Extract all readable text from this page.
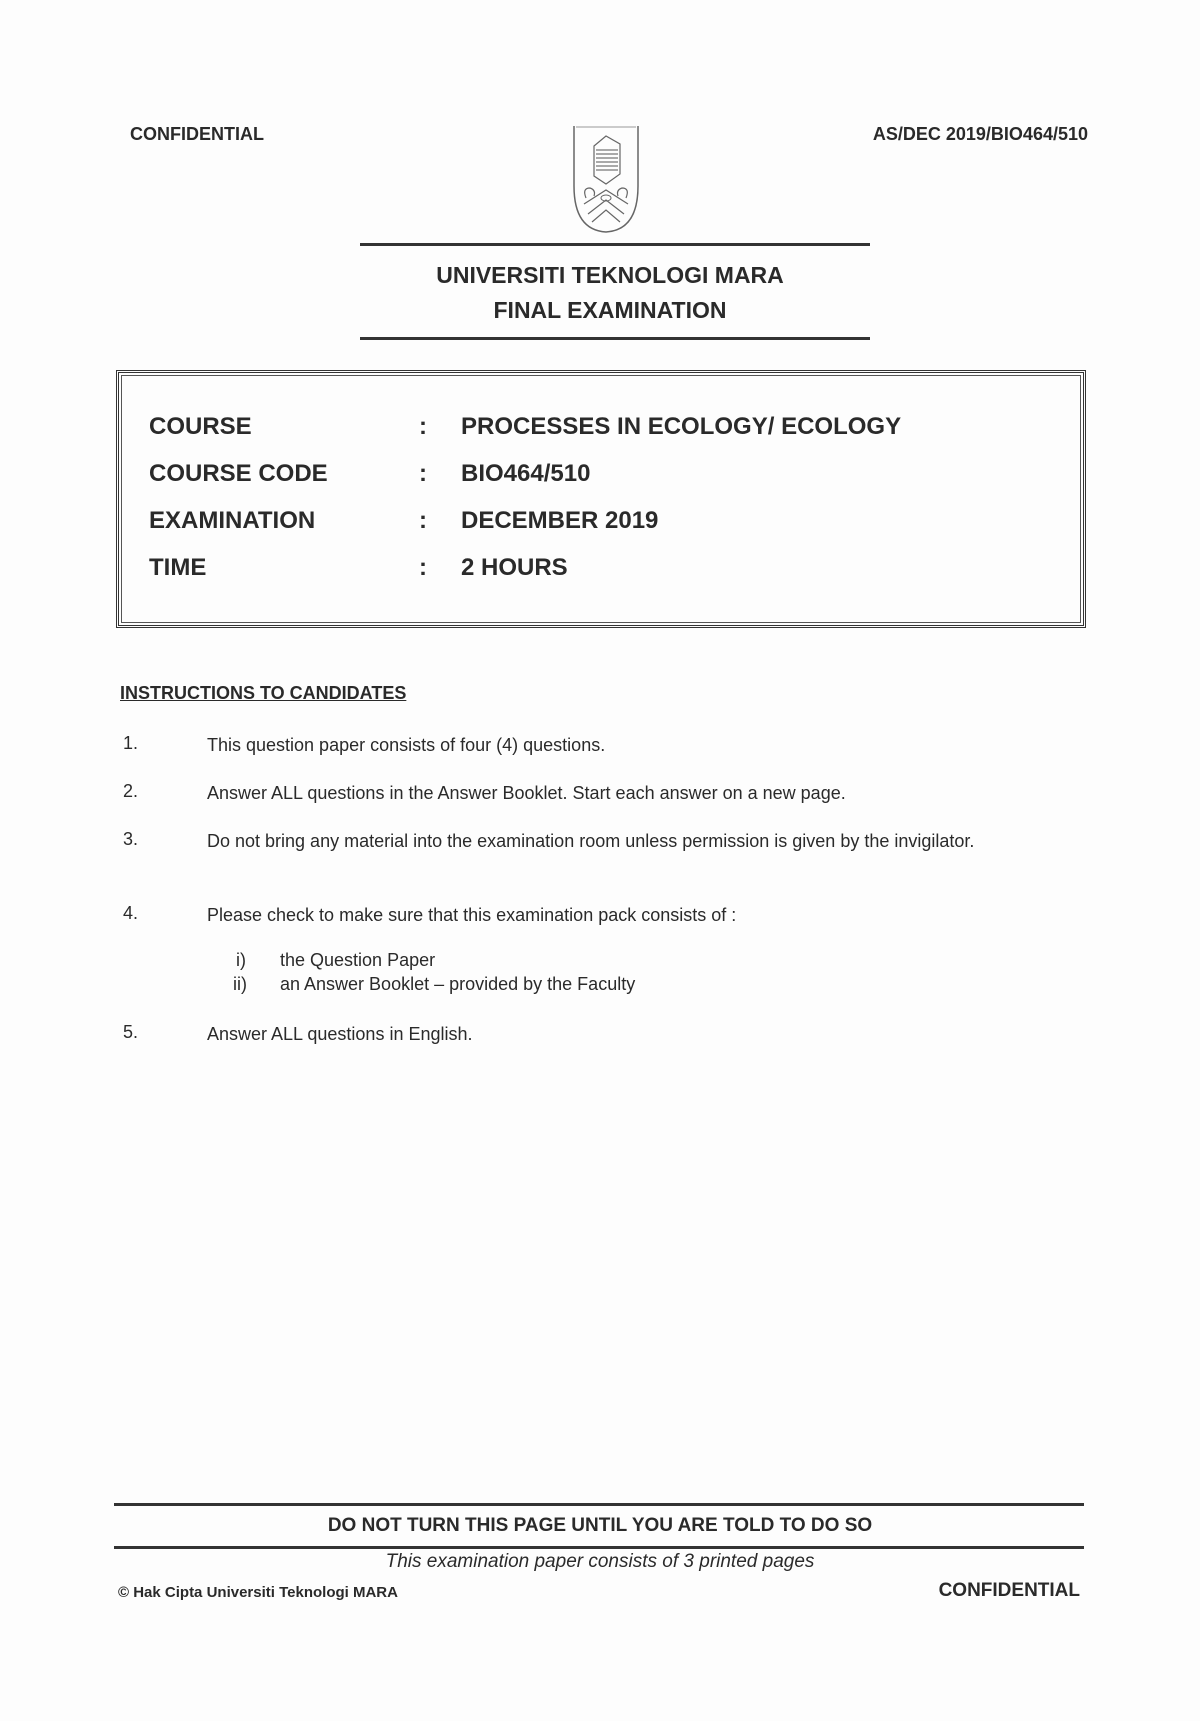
CONFIDENTIAL	AS/DEC 2019/BIO464/510
UNIVERSITI TEKNOLOGI MARA
FINAL EXAMINATION
COURSE	: PROCESSES IN ECOLOGY/ ECOLOGY
COURSE CODE	: BIO464/510
EXAMINATION	: DECEMBER 2019
TIME	: 2 HOURS
INSTRUCTIONS TO CANDIDATES
1.	This question paper consists of four (4) questions.
2.	Answer ALL questions in the Answer Booklet. Start each answer on a new page.
3.	Do not bring any material into the examination room unless permission is given by the invigilator.
4.	Please check to make sure that this examination pack consists of :
i) the Question Paper
ii) an Answer Booklet – provided by the Faculty
5.	Answer ALL questions in English.
DO NOT TURN THIS PAGE UNTIL YOU ARE TOLD TO DO SO
This examination paper consists of 3 printed pages
© Hak Cipta Universiti Teknologi MARA	CONFIDENTIAL
